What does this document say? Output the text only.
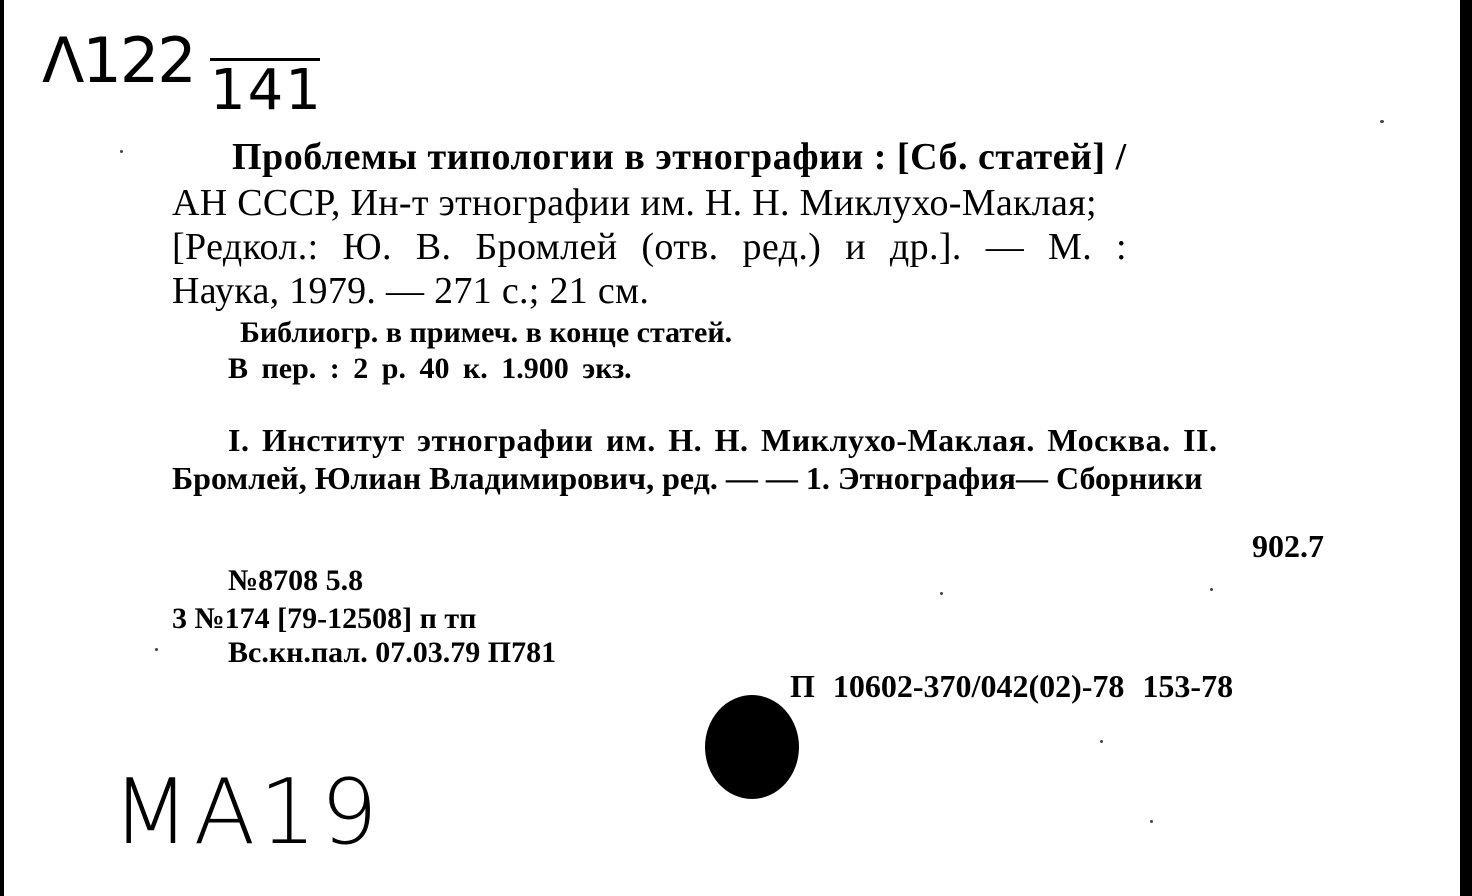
Λ122 141
Проблемы типологии в этнографии : [Сб. статей] /
АН СССР, Ин-т этнографии им. Н. Н. Миклухо-Маклая;
[Редкол.: Ю. В. Бромлей (отв. ред.) и др.]. — М. :
Наука, 1979. — 271 с.; 21 см.
Библиогр. в примеч. в конце статей.
В пер. : 2 р. 40 к. 1.900 экз.
I. Институт этнографии им. Н. Н. Миклухо-Маклая. Москва. II.
Бромлей, Юлиан Владимирович, ред. — — 1. Этнография— Сборники
902.7
№8708 5.8
3 №174 [79-12508] п тп
Вс.кн.пал. 07.03.79 П781
П 10602-370/042(02)-78 153-78
MA19
